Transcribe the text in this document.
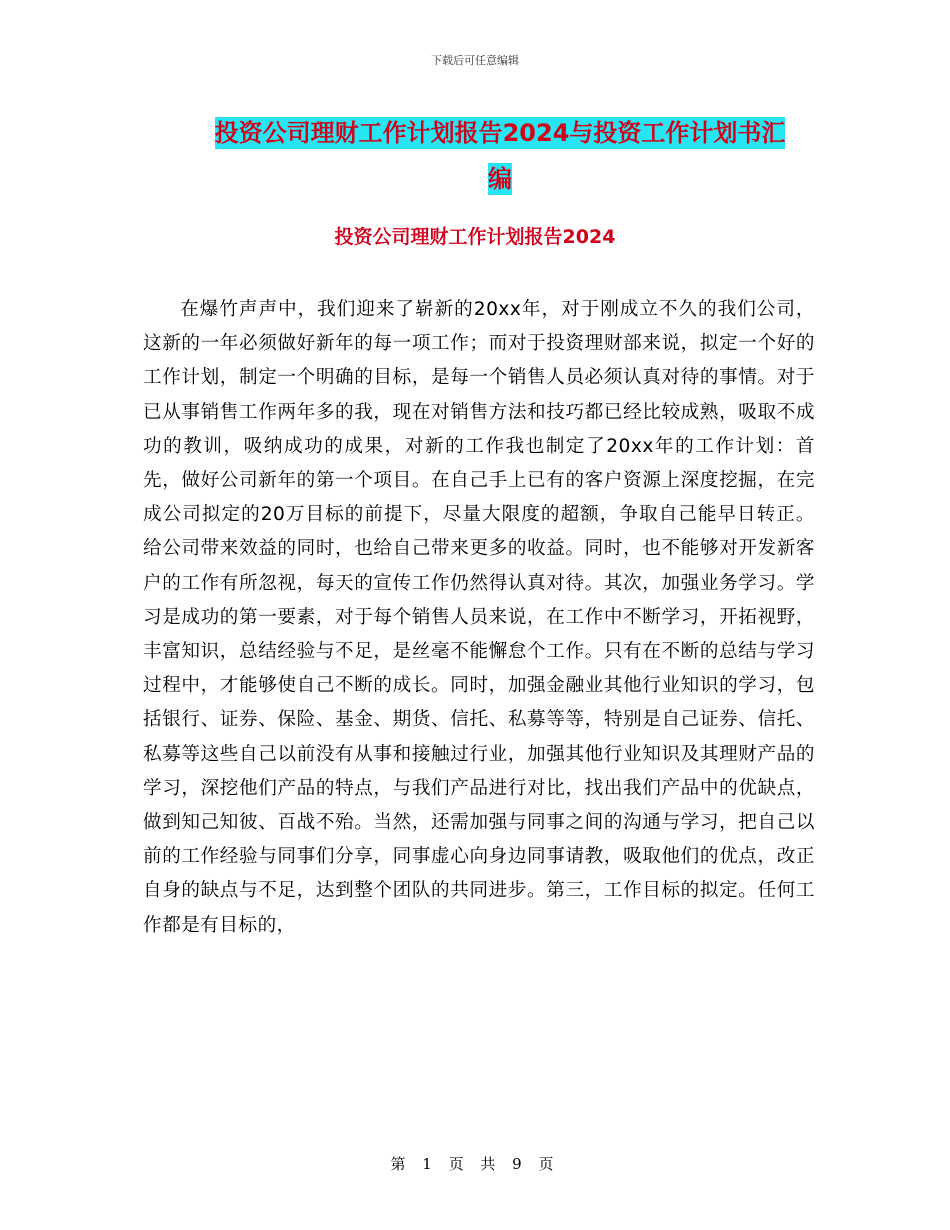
下载后可任意编辑
投资公司理财工作计划报告2024与投资工作计划书汇
编
投资公司理财工作计划报告2024
在爆竹声声中，我们迎来了崭新的20xx年，对于刚成立不久的我们公司，这新的一年必须做好新年的每一项工作；而对于投资理财部来说，拟定一个好的工作计划，制定一个明确的目标，是每一个销售人员必须认真对待的事情。对于已从事销售工作两年多的我，现在对销售方法和技巧都已经比较成熟，吸取不成功的教训，吸纳成功的成果，对新的工作我也制定了20xx年的工作计划：首先，做好公司新年的第一个项目。在自己手上已有的客户资源上深度挖掘，在完成公司拟定的20万目标的前提下，尽量大限度的超额，争取自己能早日转正。给公司带来效益的同时，也给自己带来更多的收益。同时，也不能够对开发新客户的工作有所忽视，每天的宣传工作仍然得认真对待。其次，加强业务学习。学习是成功的第一要素，对于每个销售人员来说，在工作中不断学习，开拓视野，丰富知识，总结经验与不足，是丝毫不能懈怠个工作。只有在不断的总结与学习过程中，才能够使自己不断的成长。同时，加强金融业其他行业知识的学习，包括银行、证券、保险、基金、期货、信托、私募等等，特别是自己证券、信托、私募等这些自己以前没有从事和接触过行业，加强其他行业知识及其理财产品的学习，深挖他们产品的特点，与我们产品进行对比，找出我们产品中的优缺点，做到知己知彼、百战不殆。当然，还需加强与同事之间的沟通与学习，把自己以前的工作经验与同事们分享，同事虚心向身边同事请教，吸取他们的优点，改正自身的缺点与不足，达到整个团队的共同进步。第三，工作目标的拟定。任何工作都是有目标的，
第 1 页 共 9 页
